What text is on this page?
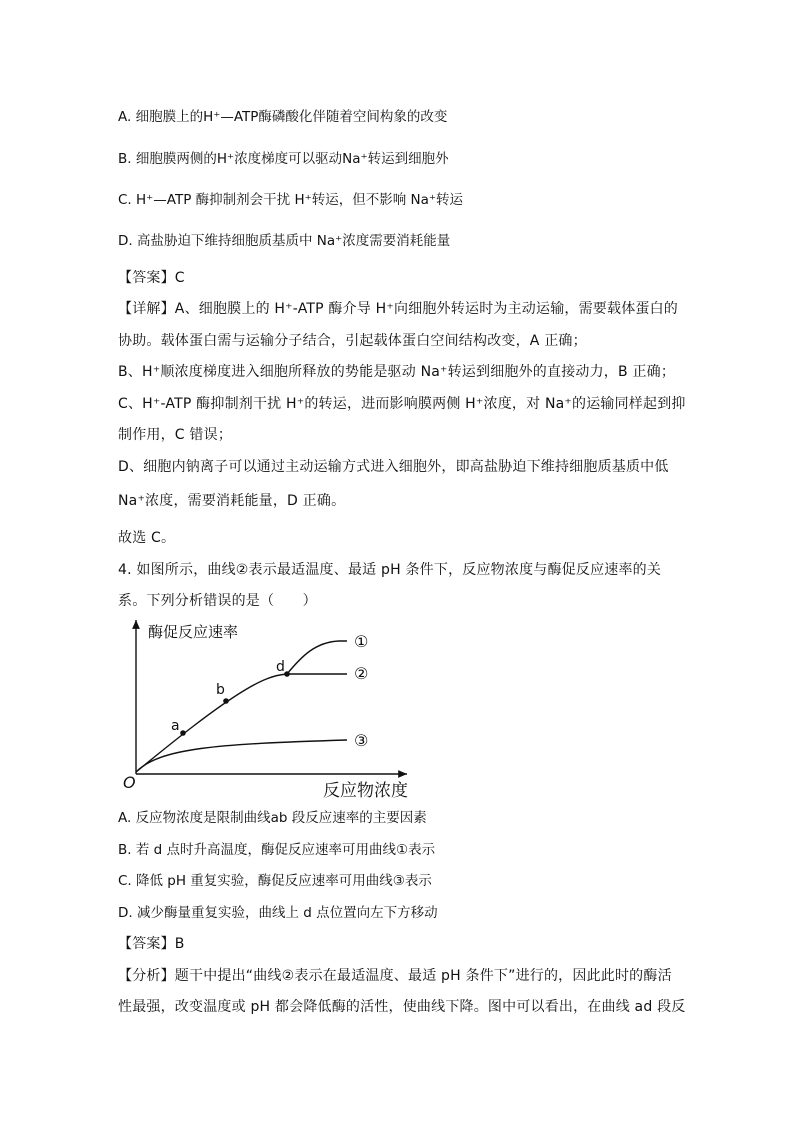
A. 细胞膜上的H⁺—ATP酶磷酸化伴随着空间构象的改变
B. 细胞膜两侧的H⁺浓度梯度可以驱动Na⁺转运到细胞外
C. H⁺—ATP 酶抑制剂会干扰 H⁺转运，但不影响 Na⁺转运
D. 高盐胁迫下维持细胞质基质中 Na⁺浓度需要消耗能量
【答案】C
【详解】A、细胞膜上的 H⁺-ATP 酶介导 H⁺向细胞外转运时为主动运输，需要载体蛋白的
协助。载体蛋白需与运输分子结合，引起载体蛋白空间结构改变，A 正确；
B、H⁺顺浓度梯度进入细胞所释放的势能是驱动 Na⁺转运到细胞外的直接动力，B 正确；
C、H⁺-ATP 酶抑制剂干扰 H⁺的转运，进而影响膜两侧 H⁺浓度，对 Na⁺的运输同样起到抑
制作用，C 错误；
D、细胞内钠离子可以通过主动运输方式进入细胞外，即高盐胁迫下维持细胞质基质中低
Na⁺浓度，需要消耗能量，D 正确。
故选 C。
4. 如图所示，曲线②表示最适温度、最适 pH 条件下，反应物浓度与酶促反应速率的关
系。下列分析错误的是（　　）
酶促反应速率
反应物浓度
O
a
b
d
①
②
③
A. 反应物浓度是限制曲线ab 段反应速率的主要因素
B. 若 d 点时升高温度，酶促反应速率可用曲线①表示
C. 降低 pH 重复实验，酶促反应速率可用曲线③表示
D. 减少酶量重复实验，曲线上 d 点位置向左下方移动
【答案】B
【分析】题干中提出“曲线②表示在最适温度、最适 pH 条件下”进行的，因此此时的酶活
性最强，改变温度或 pH 都会降低酶的活性，使曲线下降。图中可以看出，在曲线 ad 段反
